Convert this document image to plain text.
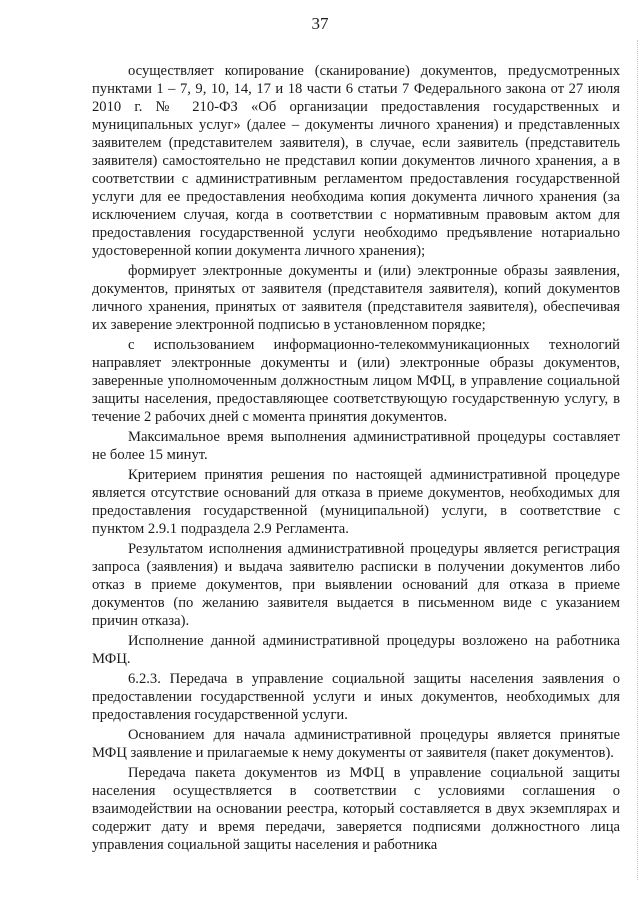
37

осуществляет копирование (сканирование) документов, предусмотренных пунктами 1 – 7, 9, 10, 14, 17 и 18 части 6 статьи 7 Федерального закона от 27 июля 2010 г. № 210-ФЗ «Об организации предоставления государственных и муниципальных услуг» (далее – документы личного хранения) и представленных заявителем (представителем заявителя), в случае, если заявитель (представитель заявителя) самостоятельно не представил копии документов личного хранения, а в соответствии с административным регламентом предоставления государственной услуги для ее предоставления необходима копия документа личного хранения (за исключением случая, когда в соответствии с нормативным правовым актом для предоставления государственной услуги необходимо предъявление нотариально удостоверенной копии документа личного хранения);

формирует электронные документы и (или) электронные образы заявления, документов, принятых от заявителя (представителя заявителя), копий документов личного хранения, принятых от заявителя (представителя заявителя), обеспечивая их заверение электронной подписью в установленном порядке;

с использованием информационно-телекоммуникационных технологий направляет электронные документы и (или) электронные образы документов, заверенные уполномоченным должностным лицом МФЦ, в управление социальной защиты населения, предоставляющее соответствующую государственную услугу, в течение 2 рабочих дней с момента принятия документов.

Максимальное время выполнения административной процедуры составляет не более 15 минут.

Критерием принятия решения по настоящей административной процедуре является отсутствие оснований для отказа в приеме документов, необходимых для предоставления государственной (муниципальной) услуги, в соответствие с пунктом 2.9.1 подраздела 2.9 Регламента.

Результатом исполнения административной процедуры является регистрация запроса (заявления) и выдача заявителю расписки в получении документов либо отказ в приеме документов, при выявлении оснований для отказа в приеме документов (по желанию заявителя выдается в письменном виде с указанием причин отказа).

Исполнение данной административной процедуры возложено на работника МФЦ.

6.2.3. Передача в управление социальной защиты населения заявления о предоставлении государственной услуги и иных документов, необходимых для предоставления государственной услуги.

Основанием для начала административной процедуры является принятые МФЦ заявление и прилагаемые к нему документы от заявителя (пакет документов).

Передача пакета документов из МФЦ в управление социальной защиты населения осуществляется в соответствии с условиями соглашения о взаимодействии на основании реестра, который составляется в двух экземплярах и содержит дату и время передачи, заверяется подписями должностного лица управления социальной защиты населения и работника
